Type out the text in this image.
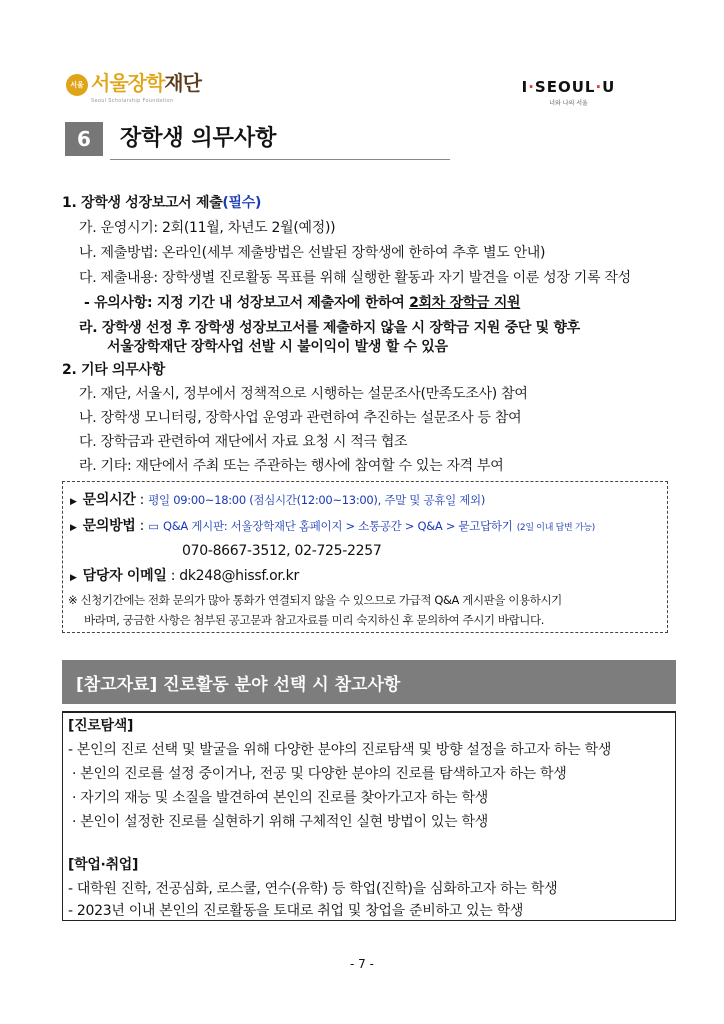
서울 서울장학재단
Seoul Scholarship Foundation
I·SEOUL·U
너와 나의 서울
6	장학생 의무사항
1. 장학생 성장보고서 제출(필수)
가. 운영시기: 2회(11월, 차년도 2월(예정))
나. 제출방법: 온라인(세부 제출방법은 선발된 장학생에 한하여 추후 별도 안내)
다. 제출내용: 장학생별 진로활동 목표를 위해 실행한 활동과 자기 발견을 이룬 성장 기록 작성
- 유의사항: 지정 기간 내 성장보고서 제출자에 한하여 2회차 장학금 지원
라. 장학생 선정 후 장학생 성장보고서를 제출하지 않을 시 장학금 지원 중단 및 향후
서울장학재단 장학사업 선발 시 불이익이 발생 할 수 있음
2. 기타 의무사항
가. 재단, 서울시, 정부에서 정책적으로 시행하는 설문조사(만족도조사) 참여
나. 장학생 모니터링, 장학사업 운영과 관련하여 추진하는 설문조사 등 참여
다. 장학금과 관련하여 재단에서 자료 요청 시 적극 협조
라. 기타: 재단에서 주최 또는 주관하는 행사에 참여할 수 있는 자격 부여
▶ 문의시간 : 평일 09:00~18:00 (점심시간(12:00~13:00), 주말 및 공휴일 제외)
▶ 문의방법 : ▭ Q&A 게시판: 서울장학재단 홈페이지 > 소통공간 > Q&A > 묻고답하기 (2일 이내 답변 가능)
070-8667-3512, 02-725-2257
▶ 담당자 이메일 : dk248@hissf.or.kr
※ 신청기간에는 전화 문의가 많아 통화가 연결되지 않을 수 있으므로 가급적 Q&A 게시판을 이용하시기
바라며, 궁금한 사항은 첨부된 공고문과 참고자료를 미리 숙지하신 후 문의하여 주시기 바랍니다.
[참고자료] 진로활동 분야 선택 시 참고사항
[진로탐색]
- 본인의 진로 선택 및 발굴을 위해 다양한 분야의 진로탐색 및 방향 설정을 하고자 하는 학생
· 본인의 진로를 설정 중이거나, 전공 및 다양한 분야의 진로를 탐색하고자 하는 학생
· 자기의 재능 및 소질을 발견하여 본인의 진로를 찾아가고자 하는 학생
· 본인이 설정한 진로를 실현하기 위해 구체적인 실현 방법이 있는 학생
[학업·취업]
- 대학원 진학, 전공심화, 로스쿨, 연수(유학) 등 학업(진학)을 심화하고자 하는 학생
- 2023년 이내 본인의 진로활동을 토대로 취업 및 창업을 준비하고 있는 학생
- 7 -
